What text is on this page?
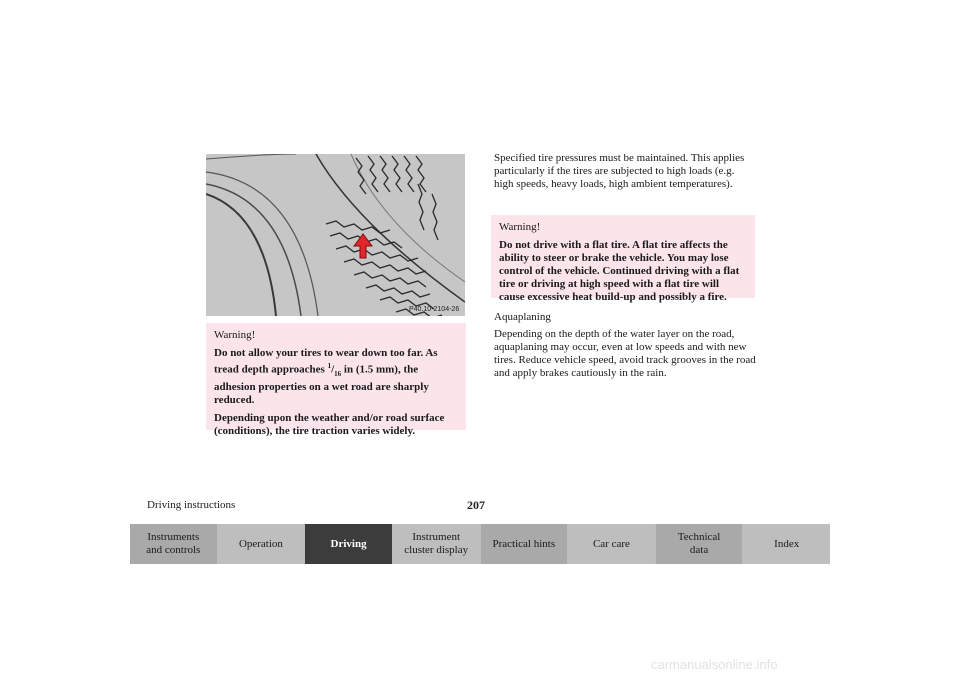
P40.10-2104-26
Warning!

Do not allow your tires to wear down too far. As tread depth approaches $^1/_{16}$ in (1.5 mm), the adhesion properties on a wet road are sharply reduced.

Depending upon the weather and/or road surface (conditions), the tire traction varies widely.

Specified tire pressures must be maintained. This applies particularly if the tires are subjected to high loads (e.g. high speeds, heavy loads, high ambient temperatures).

Warning!

Do not drive with a flat tire. A flat tire affects the ability to steer or brake the vehicle. You may lose control of the vehicle. Continued driving with a flat tire or driving at high speed with a flat tire will cause excessive heat build-up and possibly a fire.

Aquaplaning

Depending on the depth of the water layer on the road, aquaplaning may occur, even at low speeds and with new tires. Reduce vehicle speed, avoid track grooves in the road and apply brakes cautiously in the rain.

Driving instructions	207
Instruments
and controls
Operation	Driving
Instrument
cluster display
Practical hints	Car care
Technical
data
Index
carmanualsonline.info
